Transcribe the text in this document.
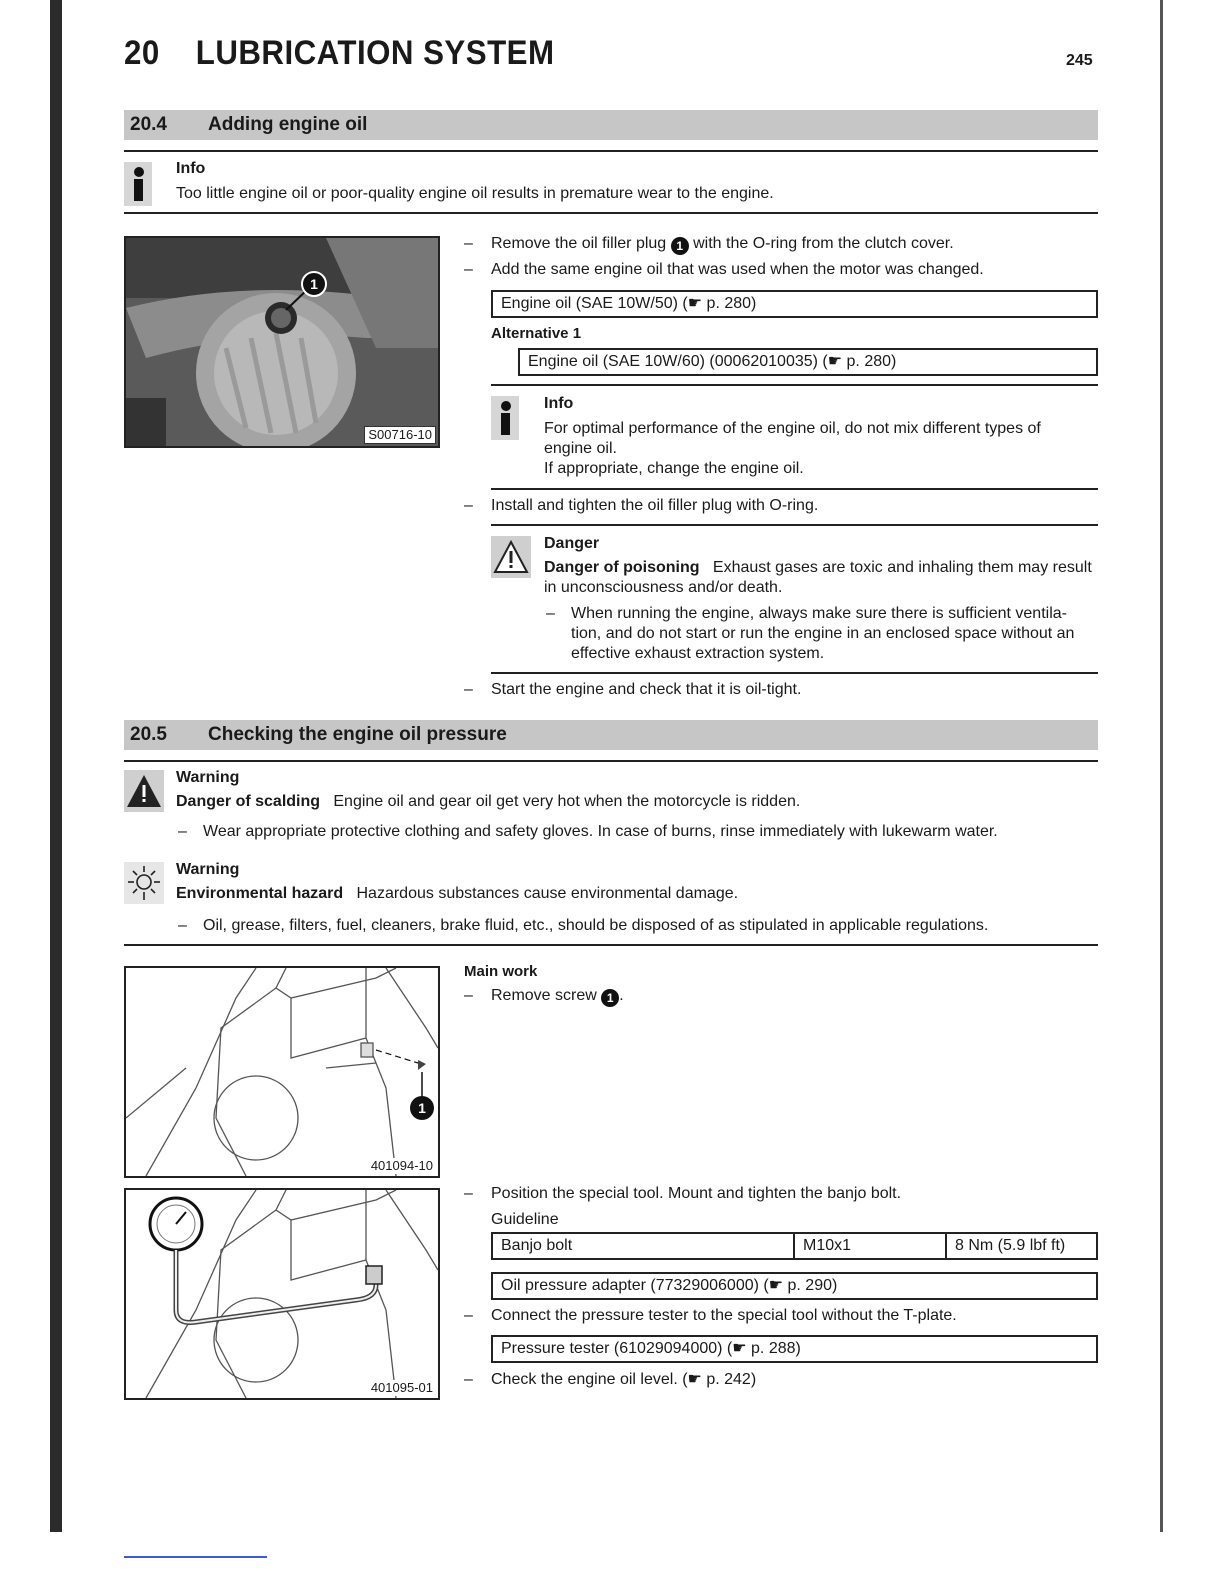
20 LUBRICATION SYSTEM	245
20.4 Adding engine oil
Info
Too little engine oil or poor-quality engine oil results in premature wear to the engine.
1
S00716-10
– Remove the oil filler plug 1 with the O-ring from the clutch cover.
– Add the same engine oil that was used when the motor was changed.
Engine oil (SAE 10W/50) (☛ p. 280)
Alternative 1
Engine oil (SAE 10W/60) (00062010035) (☛ p. 280)
Info
For optimal performance of the engine oil, do not mix different types of engine oil.
If appropriate, change the engine oil.
– Install and tighten the oil filler plug with O-ring.
Danger
Danger of poisoning Exhaust gases are toxic and inhaling them may result in unconsciousness and/or death.
– When running the engine, always make sure there is sufficient ventila-tion, and do not start or run the engine in an enclosed space without an effective exhaust extraction system.
– Start the engine and check that it is oil-tight.
20.5 Checking the engine oil pressure
Warning
Danger of scalding Engine oil and gear oil get very hot when the motorcycle is ridden.
– Wear appropriate protective clothing and safety gloves. In case of burns, rinse immediately with lukewarm water.
Warning
Environmental hazard Hazardous substances cause environmental damage.
– Oil, grease, filters, fuel, cleaners, brake fluid, etc., should be disposed of as stipulated in applicable regulations.
1
401094-10
Main work
– Remove screw 1 .
401095-01
– Position the special tool. Mount and tighten the banjo bolt.
Guideline
Banjo bolt	M10x1	8 Nm (5.9 lbf ft)
Oil pressure adapter (77329006000) (☛ p. 290)
– Connect the pressure tester to the special tool without the T-plate.
Pressure tester (61029094000) (☛ p. 288)
– Check the engine oil level. (☛ p. 242)
